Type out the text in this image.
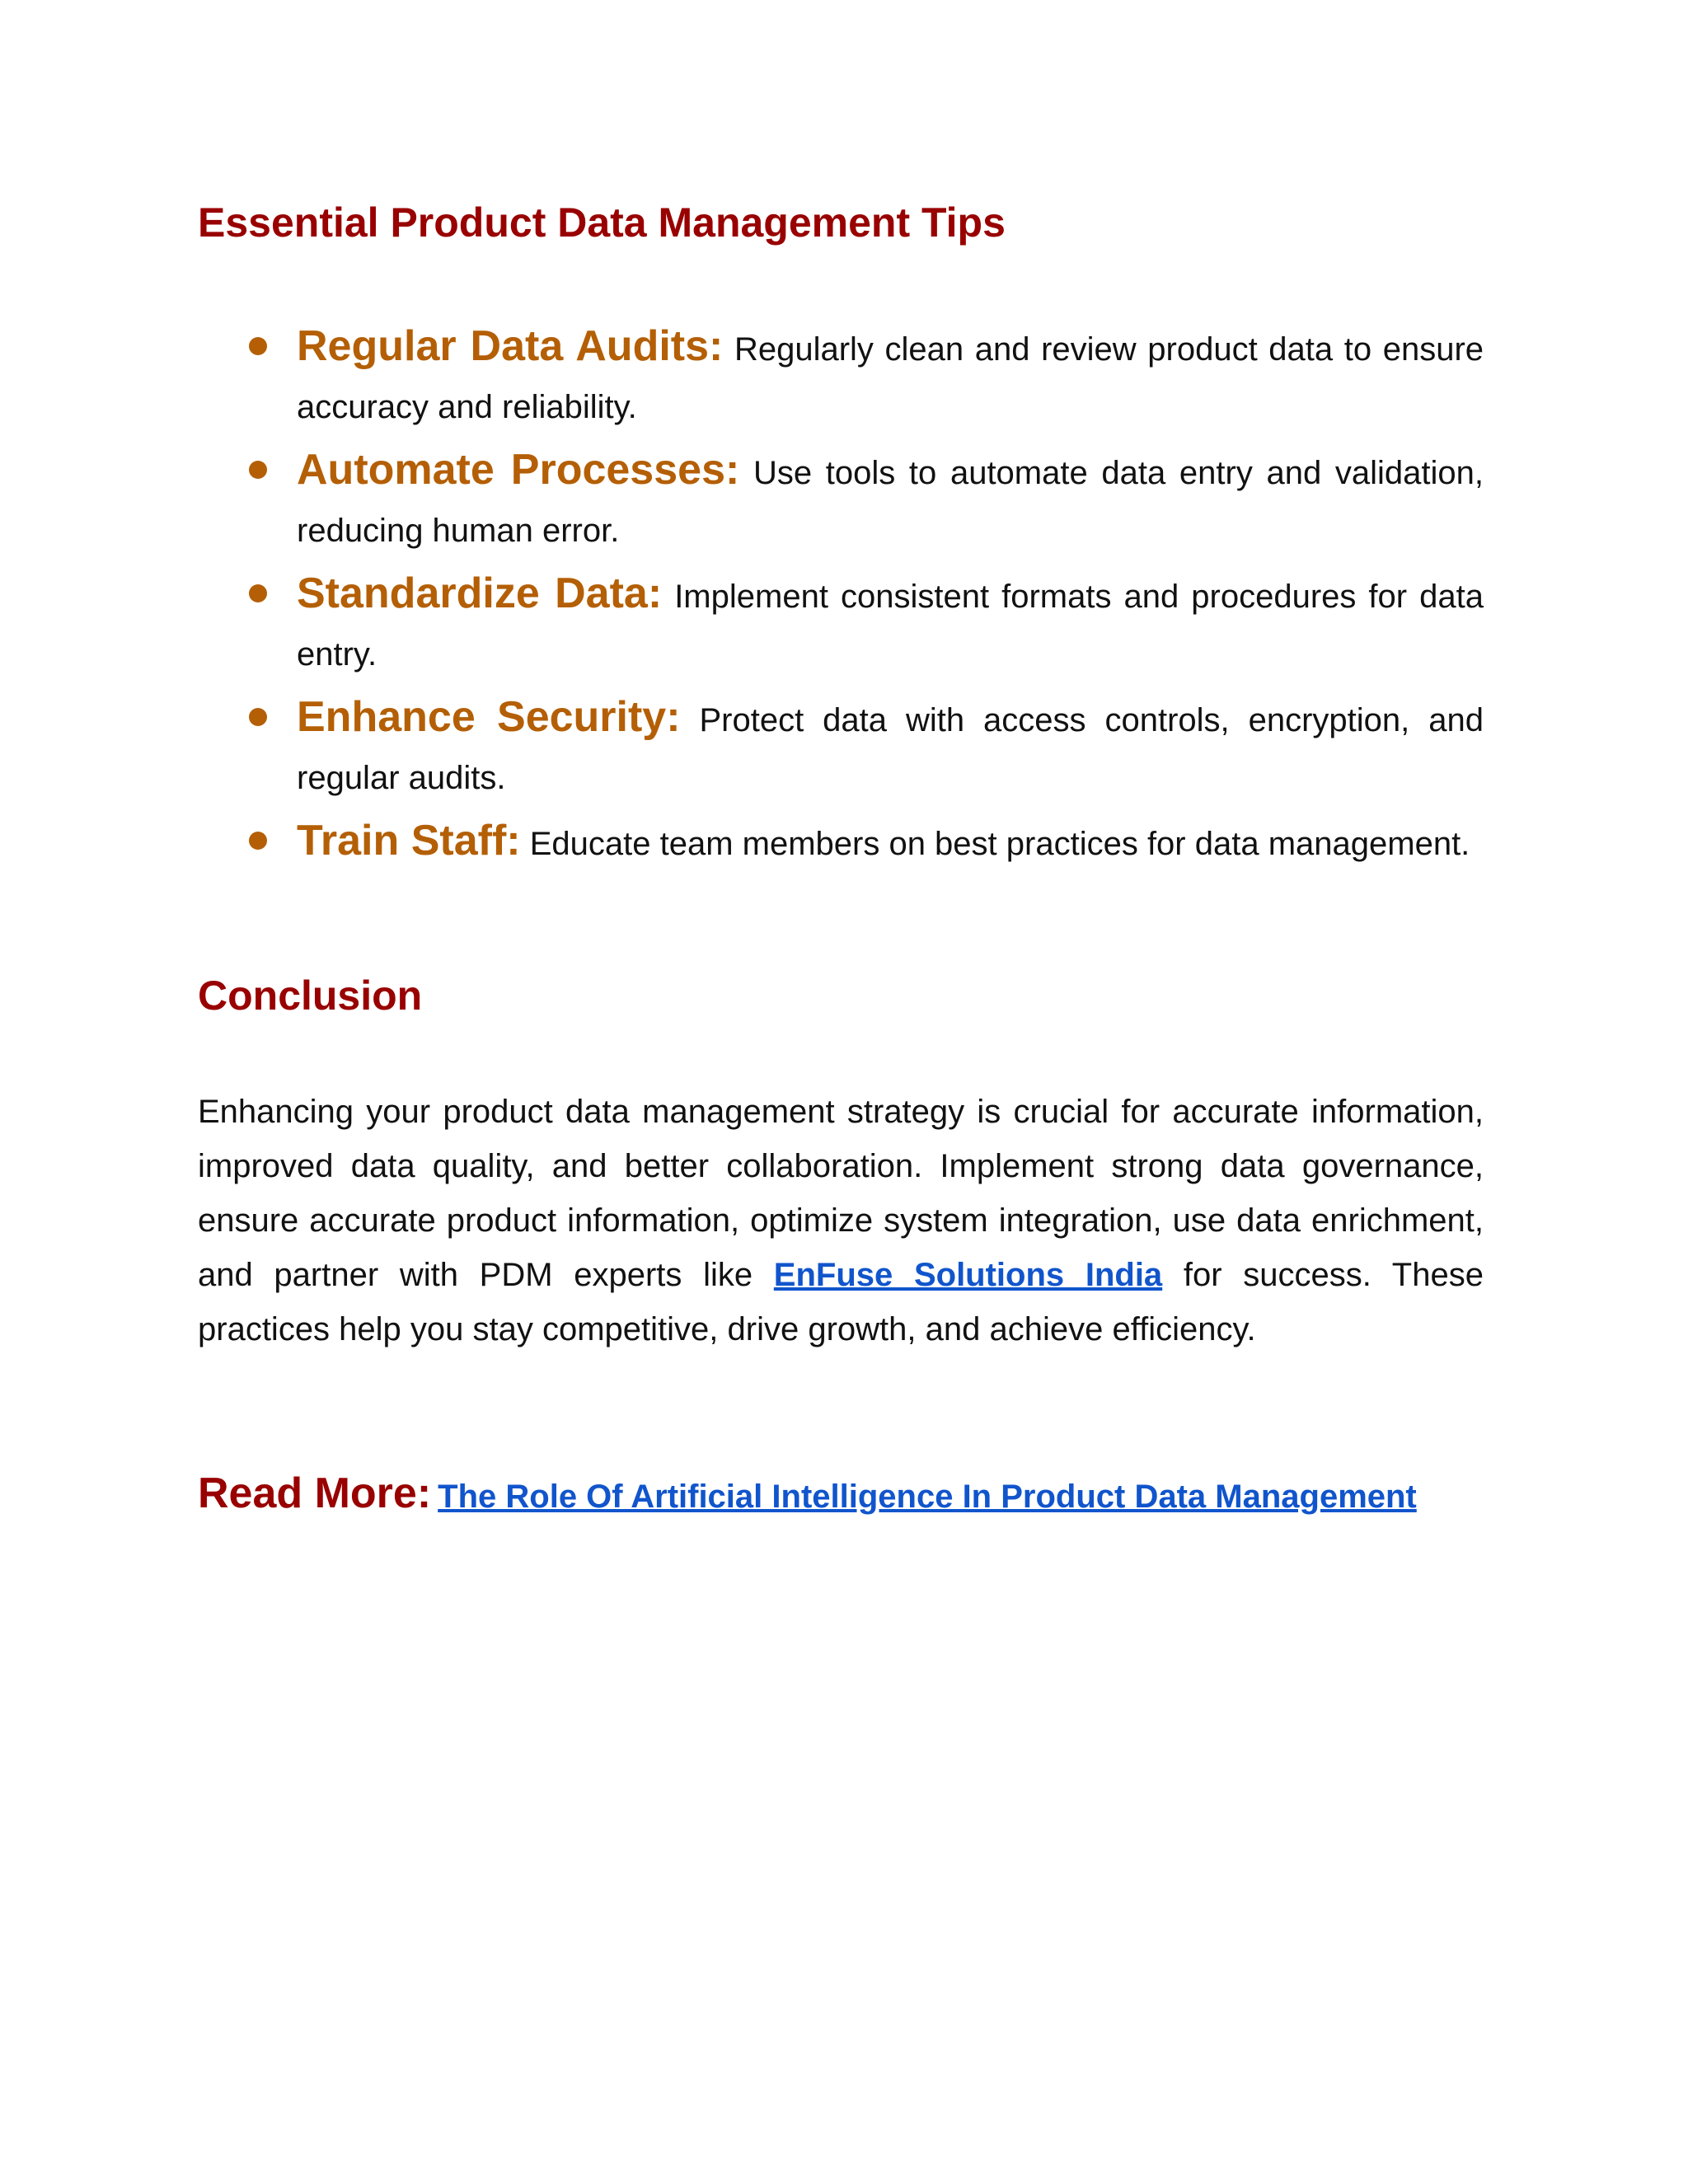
Essential Product Data Management Tips
Regular Data Audits: Regularly clean and review product data to ensure accuracy and reliability.
Automate Processes: Use tools to automate data entry and validation, reducing human error.
Standardize Data: Implement consistent formats and procedures for data entry.
Enhance Security: Protect data with access controls, encryption, and regular audits.
Train Staff: Educate team members on best practices for data management.
Conclusion

Enhancing your product data management strategy is crucial for accurate information, improved data quality, and better collaboration. Implement strong data governance, ensure accurate product information, optimize system integration, use data enrichment, and partner with PDM experts like EnFuse Solutions India for success. These practices help you stay competitive, drive growth, and achieve efficiency.

Read More: The Role Of Artificial Intelligence In Product Data Management
